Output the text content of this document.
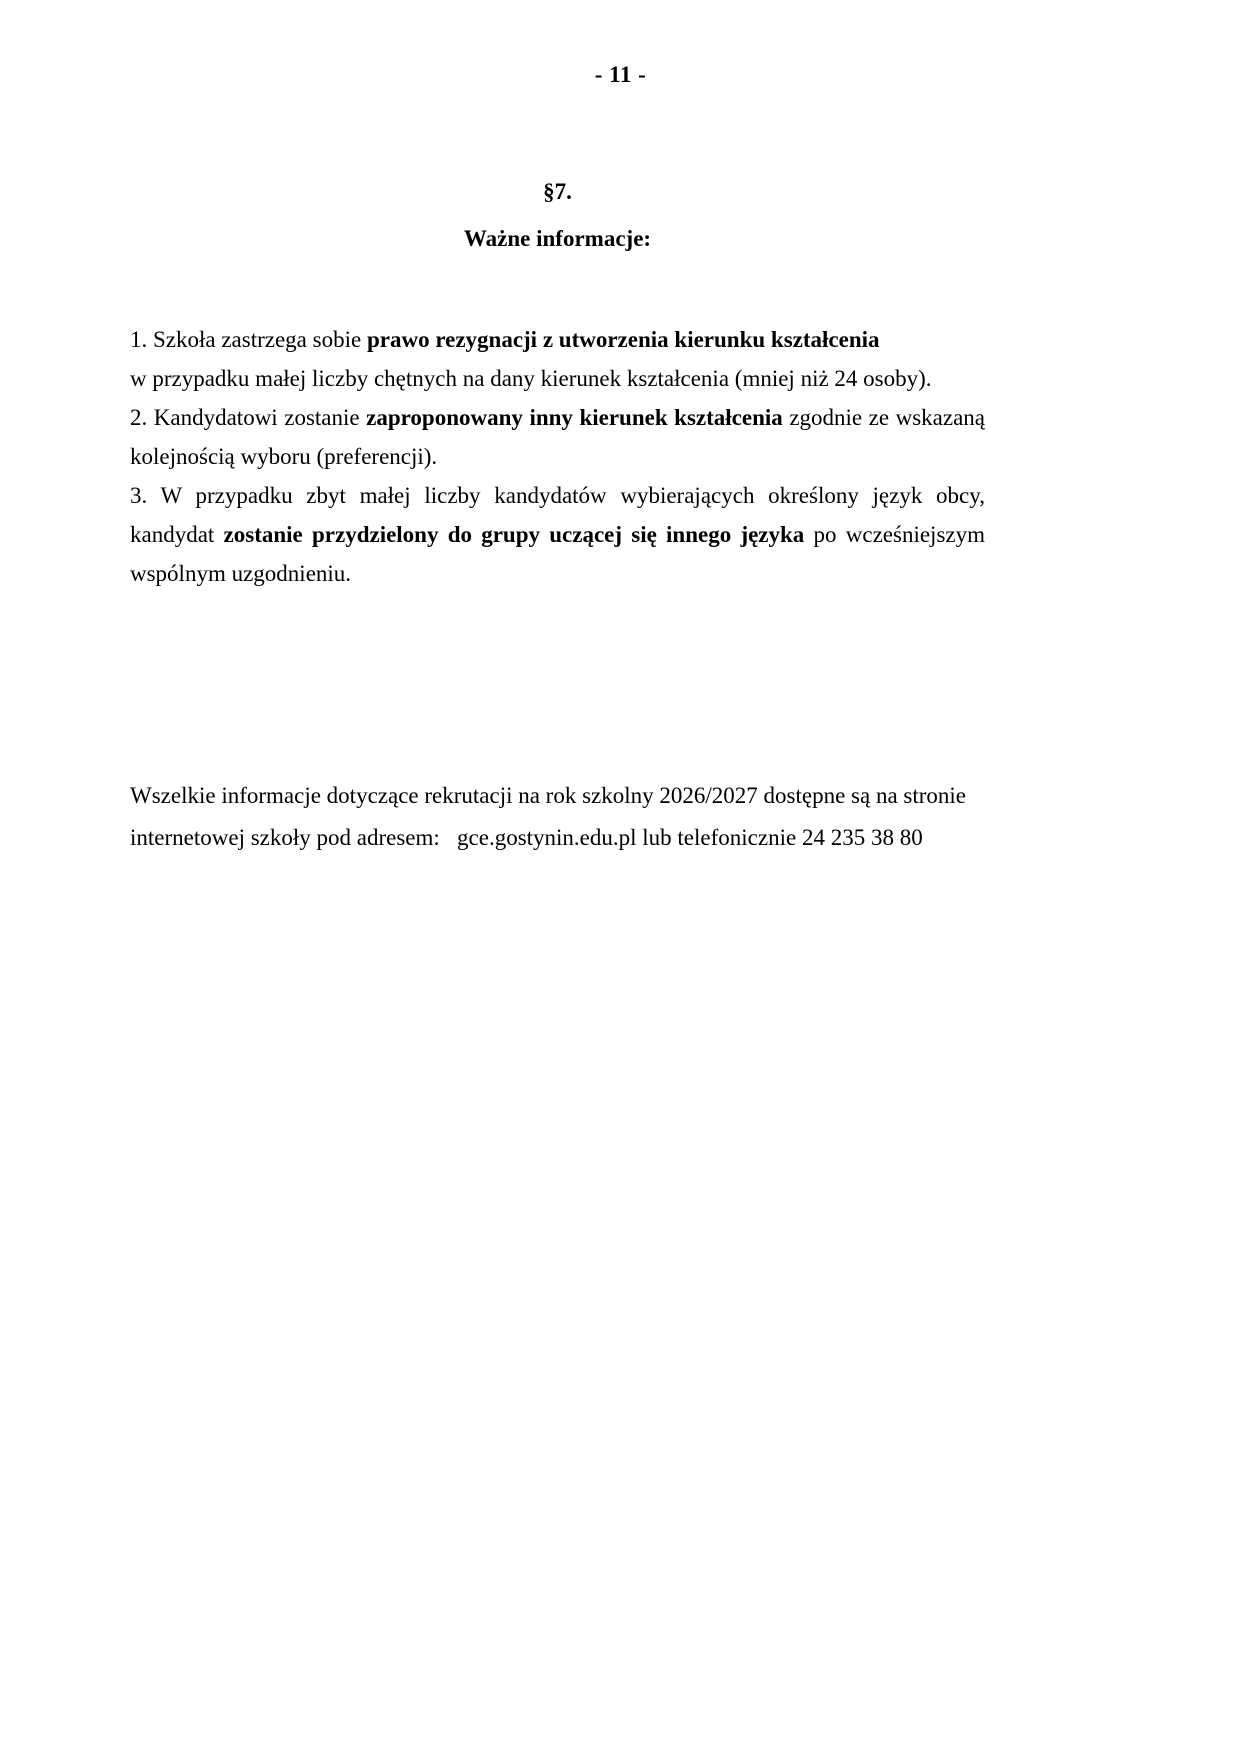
- 11 -
§7.
Ważne informacje:

1. Szkoła zastrzega sobie prawo rezygnacji z utworzenia kierunku kształcenia
w przypadku małej liczby chętnych na dany kierunek kształcenia (mniej niż 24 osoby).

2. Kandydatowi zostanie zaproponowany inny kierunek kształcenia zgodnie ze wskazaną kolejnością wyboru (preferencji).

3. W przypadku zbyt małej liczby kandydatów wybierających określony język obcy, kandydat zostanie przydzielony do grupy uczącej się innego języka po wcześniejszym wspólnym uzgodnieniu.

Wszelkie informacje dotyczące rekrutacji na rok szkolny 2026/2027 dostępne są na stronie
internetowej szkoły pod adresem: gce.gostynin.edu.pl lub telefonicznie 24 235 38 80
